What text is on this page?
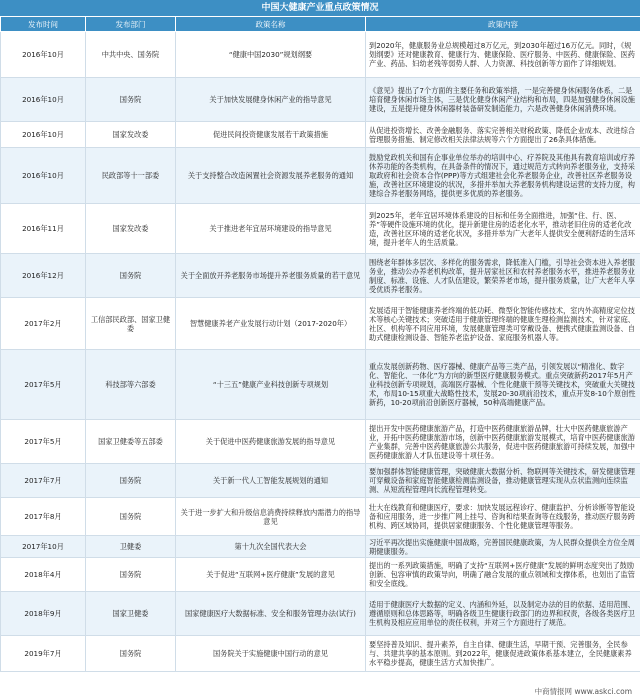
中国大健康产业重点政策情况
发布时间	发布部门	政策名称	政策内容
2016年10月	中共中央、国务院	“健康中国2030”规划纲要	到2020年，健康服务业总规模超过8万亿元，到2030年超过16万亿元。同时，《规划纲要》还对健康教育、健康行为、健康保险、医疗服务、中医药、健康保险、医药产业、药品、妇幼老残等弱势人群、人力资源、科技创新等方面作了详细规划。
2016年10月	国务院	关于加快发展健身休闲产业的指导意见	《意见》提出了7个方面的主要任务和政策举措，一是完善健身休闲服务体系，二是培育健身休闲市场主体，三是优化健身休闲产业结构和布局，四是加强健身休闲设施建设，五是提升健身休闲器材装备研发制造能力，六是改善健身休闲消费环境。
2016年10月	国家发改委	促进民间投资健康发展若干政策措施	从促进投资增长、改善金融服务、落实完善相关财税政策、降低企业成本、改进综合管理服务措施、制定修改相关法律法规等六个方面提出了26条具体措施。
2016年10月	民政部等十一部委	关于支持整合改造闲置社会资源发展养老服务的通知	鼓励党政机关和国有企事业单位举办的培训中心、疗养院及其他具有教育培训或疗养休养功能的各类机构，在具备条件的情况下，通过规范方式转向养老服务业，支持采取政府和社会资本合作(PPP)等方式组建社会化养老服务企业，改善社区养老服务设施，改善社区环境建设的状况，多措并举加大养老服务机构建设运营的支持力度，构建综合养老服务网络，提供更多优质的养老服务。
2016年11月	国家发改委	关于推进老年宜居环境建设的指导意见	到2025年，老年宜居环境体系建设的目标和任务全面推进，加强“住、行、医、养”等硬件设施环境的优化，提升新建住房的适老化水平，推动老旧住房的适老化改造，改善社区环境的适老化状况，多措并举为广大老年人提供安全便利舒适的生活环境，提升老年人的生活质量。
2016年12月	国务院	关于全面放开养老服务市场提升养老服务质量的若干意见	围绕老年群体多层次、多样化的服务需求，降低准入门槛，引导社会资本进入养老服务业，推动公办养老机构改革，提升居家社区和农村养老服务水平，推进养老服务业制度、标准、设施、人才队伍建设，繁荣养老市场，提升服务质量，让广大老年人享受优质养老服务。
2017年2月	工信部民政部、国家卫健委	智慧健康养老产业发展行动计划（2017-2020年）	发展适用于智能健康养老终端的低功耗、微型化智能传感技术，室内外高精度定位技术等核心关键技术；突破适用于健康管理终端的健康生理检测监测技术，针对家庭、社区、机构等不同应用环境，发展健康管理类可穿戴设备、便携式健康监测设备、自助式健康检测设备、智能养老监护设备、家庭服务机器人等。
2017年5月	科技部等六部委	“十三五”健康产业科技创新专项规划	重点发展创新药物、医疗器械、健康产品等三类产品，引领发展以“精准化、数字化、智能化、一体化”为方向的新型医疗健康服务模式。重点突破新药2017年5月产业科技创新专项规划，高端医疗器械、个性化健康干预等关键技术，突破重大关键技术，布局10-15项重大战略性技术，发展20-30项前沿技术，重点开发8-10个原创性新药，10-20项前沿创新医疗器械，50种高端健康产品。
2017年5月	国家卫健委等五部委	关于促进中医药健康旅游发展的指导意见	提出开发中医药健康旅游产品，打造中医药健康旅游品牌，壮大中医药健康旅游产业，开拓中医药健康旅游市场，创新中医药健康旅游发展模式，培育中医药健康旅游产业集群，完善中医药健康旅游公共服务，促进中医药健康旅游可持续发展，加强中医药健康旅游人才队伍建设等十项任务。
2017年7月	国务院	关于新一代人工智能发展规划的通知	要加强群体智能健康管理，突破健康大数据分析、物联网等关键技术，研发健康管理可穿戴设备和家庭智能健康检测监测设备，推动健康管理实现从点状监测向连续监测、从短流程管理向长流程管理转变。
2017年8月	国务院	关于进一步扩大和升级信息消费持续释放内需潜力的指导意见	壮大在线教育和健康医疗，要求：加快发展远程诊疗、健康监护、分析诊断等智能设备和应用服务，进一步推广网上挂号、咨询和结果查询等在线服务，推动医疗服务跨机构、跨区域协同，提供居家健康服务、个性化健康管理等服务。
2017年10月	卫健委	第十九次全国代表大会	习近平再次提出实施健康中国战略，完善国民健康政策，为人民群众提供全方位全周期健康服务。
2018年4月	国务院	关于促进“互联网+医疗健康”发展的意见	提出的一系列政策措施，明确了支持“互联网+医疗健康”发展的鲜明态度突出了鼓励创新、包容审慎的政策导向，明确了融合发展的重点领域和支撑体系，也划出了监管和安全底线。
2018年9月	国家卫健委	国家健康医疗大数据标准、安全和服务管理办法(试行)	适用于健康医疗大数据的定义、内涵和外延，以及制定办法的目的依据、适用范围、遵循原则和总体思路等，明确各级卫生健康行政部门的边界和权责，各级各类医疗卫生机构及相应应用单位的责任权利，并对三个方面进行了规范。
2019年7月	国务院	国务院关于实施健康中国行动的意见	要坚持普及知识、提升素养，自主自律、健康生活，早期干预、完善服务，全民参与、共建共享的基本原则。到2022年，健康促进政策体系基本建立，全民健康素养水平稳步提高，健康生活方式加快推广。
中商情报网 www.askci.com
